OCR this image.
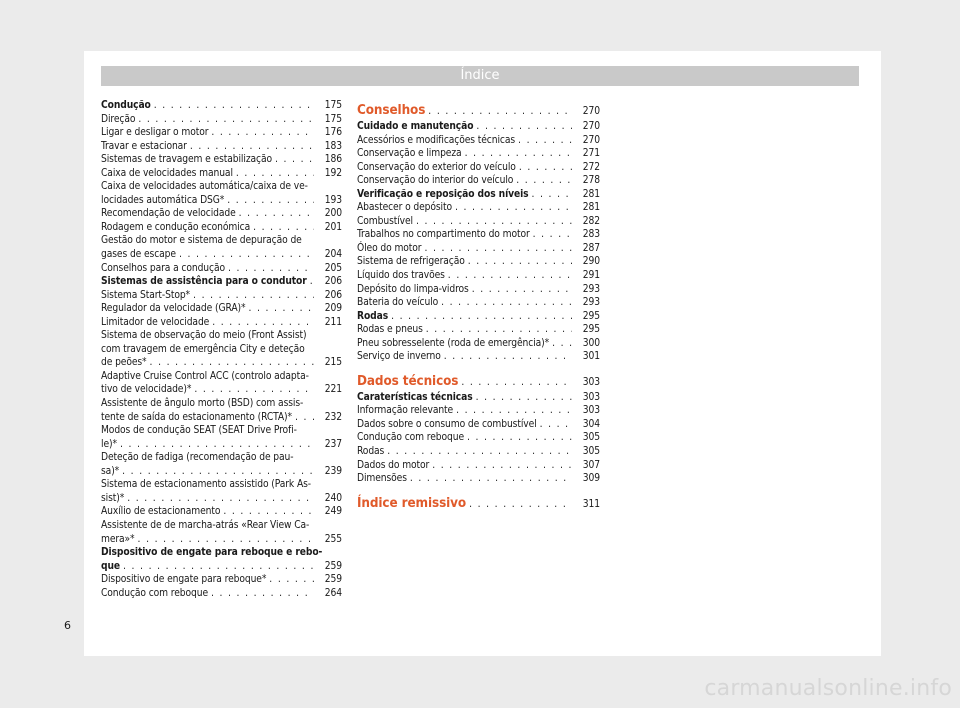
Índice
Condução . . .	175
Direção . . .	175
Ligar e desligar o motor . . .	176
Travar e estacionar . . .	183
Sistemas de travagem e estabilização . . .	186
Caixa de velocidades manual . . .	192
Caixa de velocidades automática/caixa de ve-
locidades automática DSG* . . .	193
Recomendação de velocidade . . .	200
Rodagem e condução económica . . .	201
Gestão do motor e sistema de depuração de
gases de escape . . .	204
Conselhos para a condução . . .	205
Sistemas de assistência para o condutor . . .	206
Sistema Start-Stop* . . .	206
Regulador da velocidade (GRA)* . . .	209
Limitador de velocidade . . .	211
Sistema de observação do meio (Front Assist)
com travagem de emergência City e deteção
de peões* . . .	215
Adaptive Cruise Control ACC (controlo adapta-
tivo de velocidade)* . . .	221
Assistente de ângulo morto (BSD) com assis-
tente de saída do estacionamento (RCTA)* . . .	232
Modos de condução SEAT (SEAT Drive Profi-
le)* . . .	237
Deteção de fadiga (recomendação de pau-
sa)* . . .	239
Sistema de estacionamento assistido (Park As-
sist)* . . .	240
Auxílio de estacionamento . . .	249
Assistente de de marcha-atrás «Rear View Ca-
mera»* . . .	255
Dispositivo de engate para reboque e rebo-
que . . .	259
Dispositivo de engate para reboque* . . .	259
Condução com reboque . . .	264
Conselhos . . .	270
Cuidado e manutenção . . .	270
Acessórios e modificações técnicas . . .	270
Conservação e limpeza . . .	271
Conservação do exterior do veículo . . .	272
Conservação do interior do veículo . . .	278
Verificação e reposição dos níveis . . .	281
Abastecer o depósito . . .	281
Combustível . . .	282
Trabalhos no compartimento do motor . . .	283
Óleo do motor . . .	287
Sistema de refrigeração . . .	290
Líquido dos travões . . .	291
Depósito do limpa-vidros . . .	293
Bateria do veículo . . .	293
Rodas . . .	295
Rodas e pneus . . .	295
Pneu sobresselente (roda de emergência)* . . .	300
Serviço de inverno . . .	301
Dados técnicos . . .	303
Caraterísticas técnicas . . .	303
Informação relevante . . .	303
Dados sobre o consumo de combustível . . .	304
Condução com reboque . . .	305
Rodas . . .	305
Dados do motor . . .	307
Dimensões . . .	309
Índice remissivo . . .	311
6
carmanualsonline.info
